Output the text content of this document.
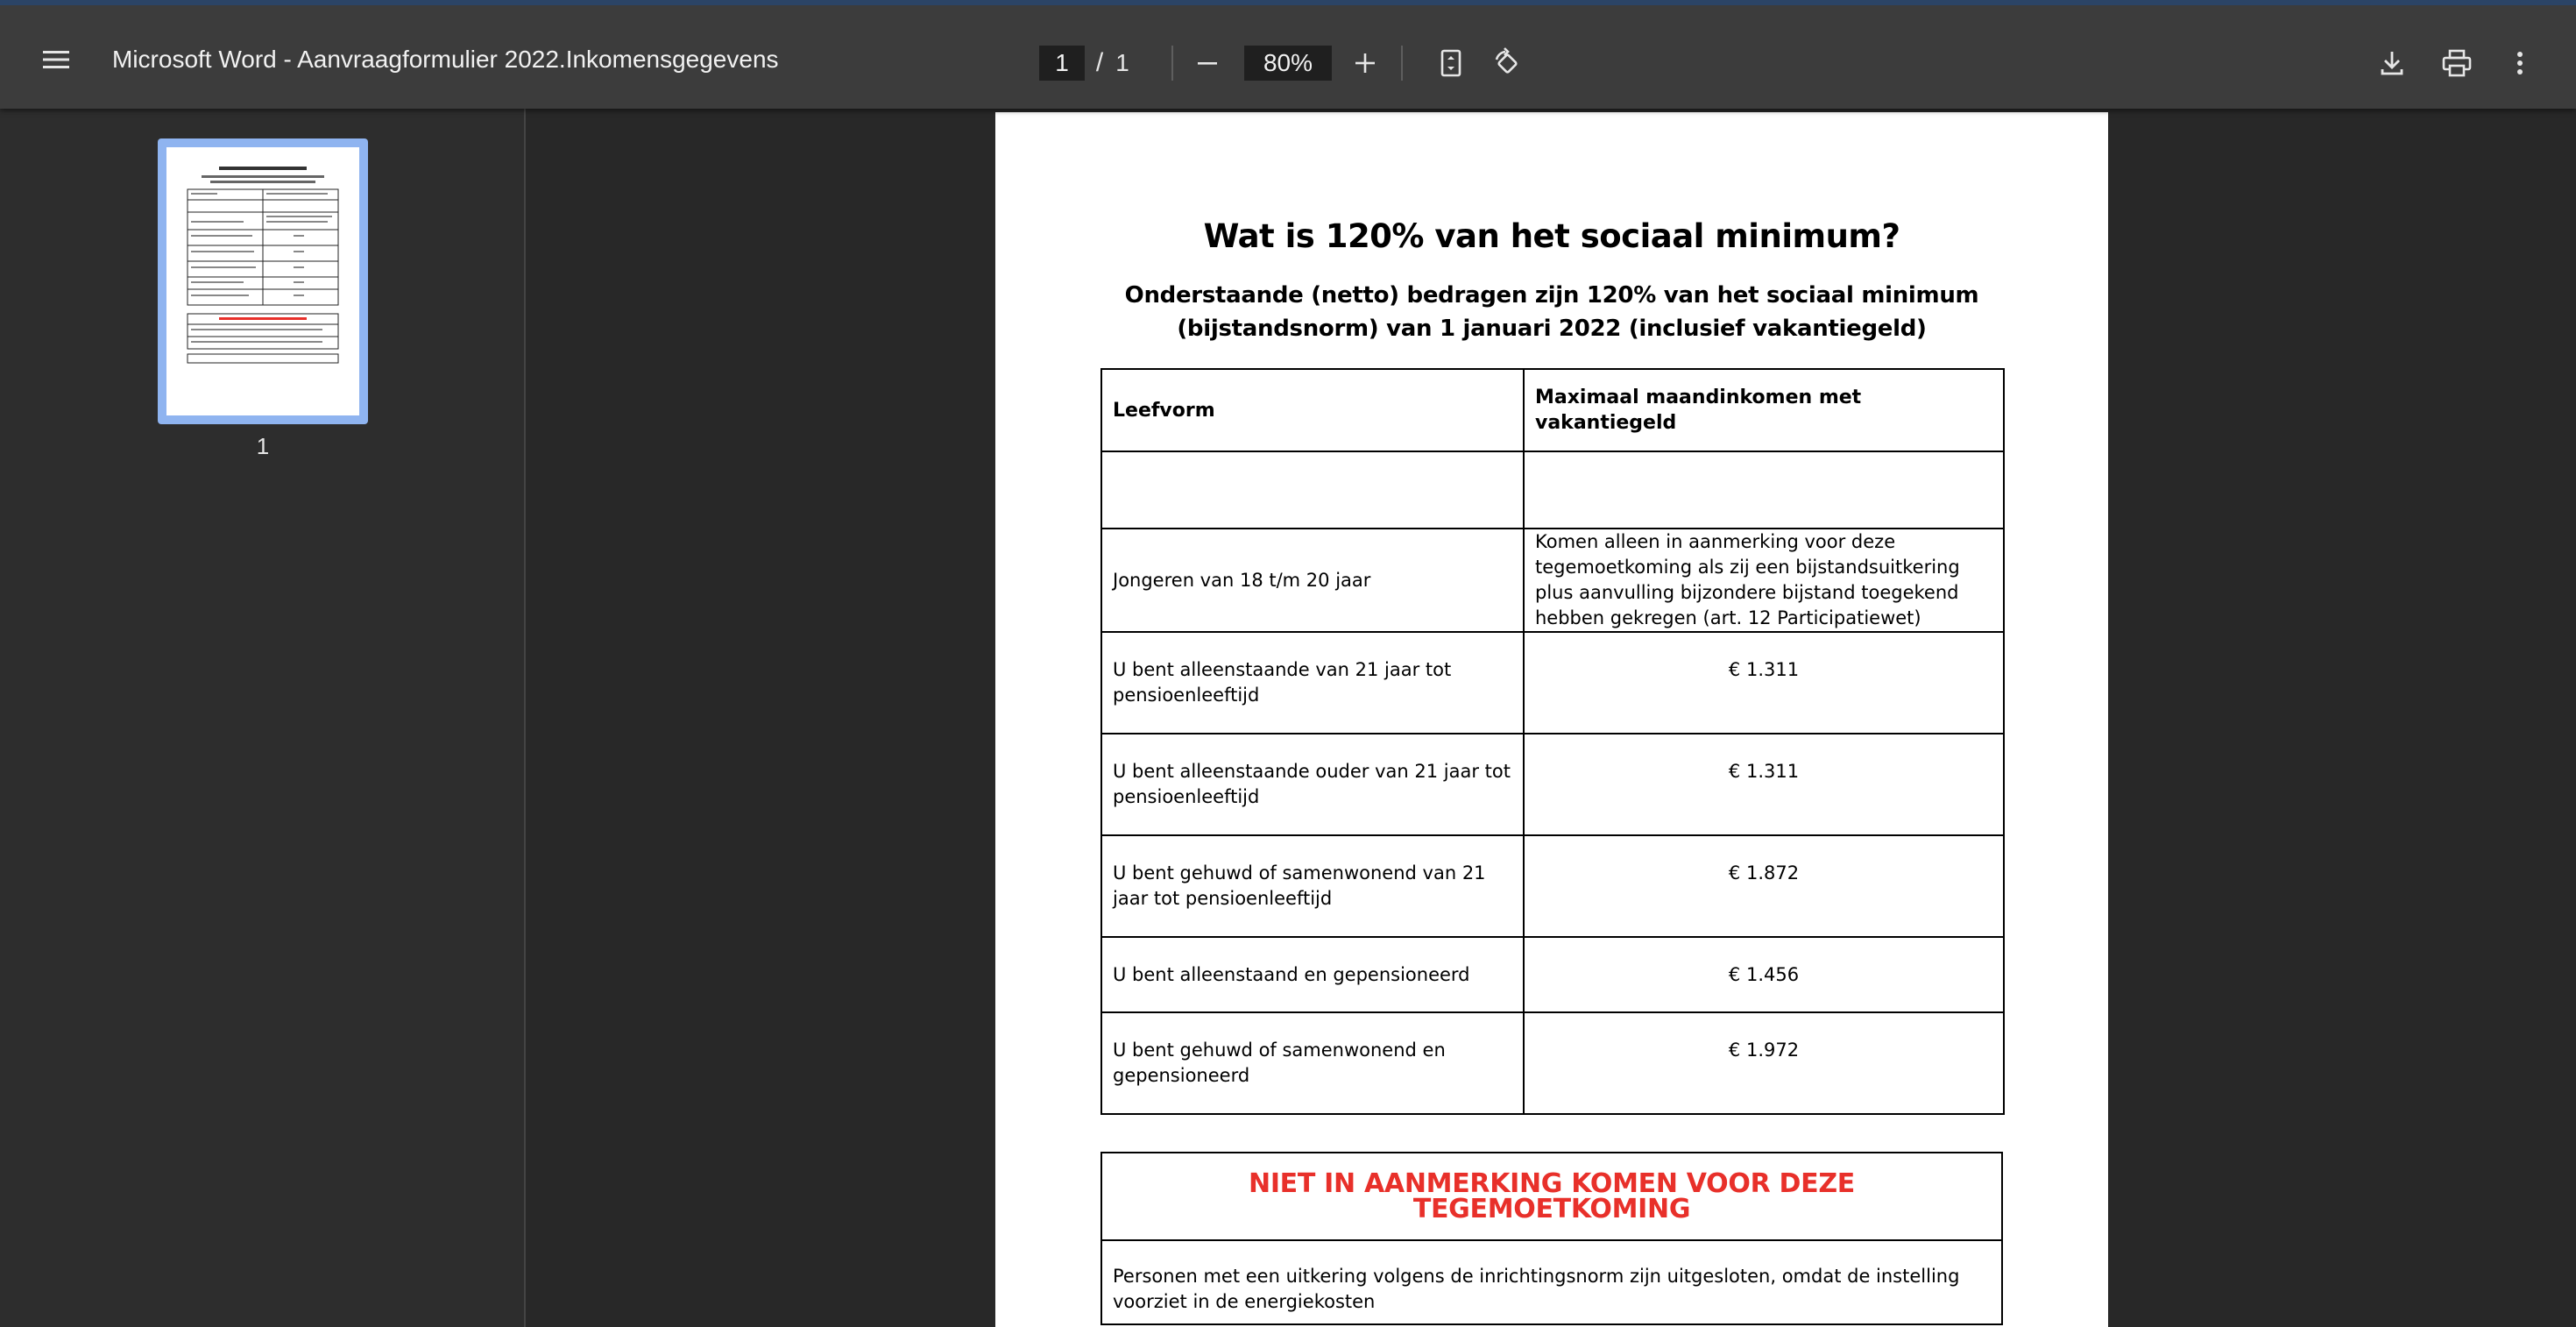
Microsoft Word - Aanvraagformulier 2022.Inkomensgegevens	1	/ 1	80%
1
Wat is 120% van het sociaal minimum?
Onderstaande (netto) bedragen zijn 120% van het sociaal minimum
(bijstandsnorm) van 1 januari 2022 (inclusief vakantiegeld)
Leefvorm	Maximaal maandinkomen met vakantiegeld

Jongeren van 18 t/m 20 jaar	Komen alleen in aanmerking voor deze tegemoetkoming als zij een bijstandsuitkering plus aanvulling bijzondere bijstand toegekend hebben gekregen (art. 12 Participatiewet)
U bent alleenstaande van 21 jaar tot pensioenleeftijd	€ 1.311
U bent alleenstaande ouder van 21 jaar tot pensioenleeftijd	€ 1.311
U bent gehuwd of samenwonend van 21 jaar tot pensioenleeftijd	€ 1.872
U bent alleenstaand en gepensioneerd	€ 1.456
U bent gehuwd of samenwonend en gepensioneerd	€ 1.972
NIET IN AANMERKING KOMEN VOOR DEZE TEGEMOETKOMING
Personen met een uitkering volgens de inrichtingsnorm zijn uitgesloten, omdat de instelling voorziet in de energiekosten
